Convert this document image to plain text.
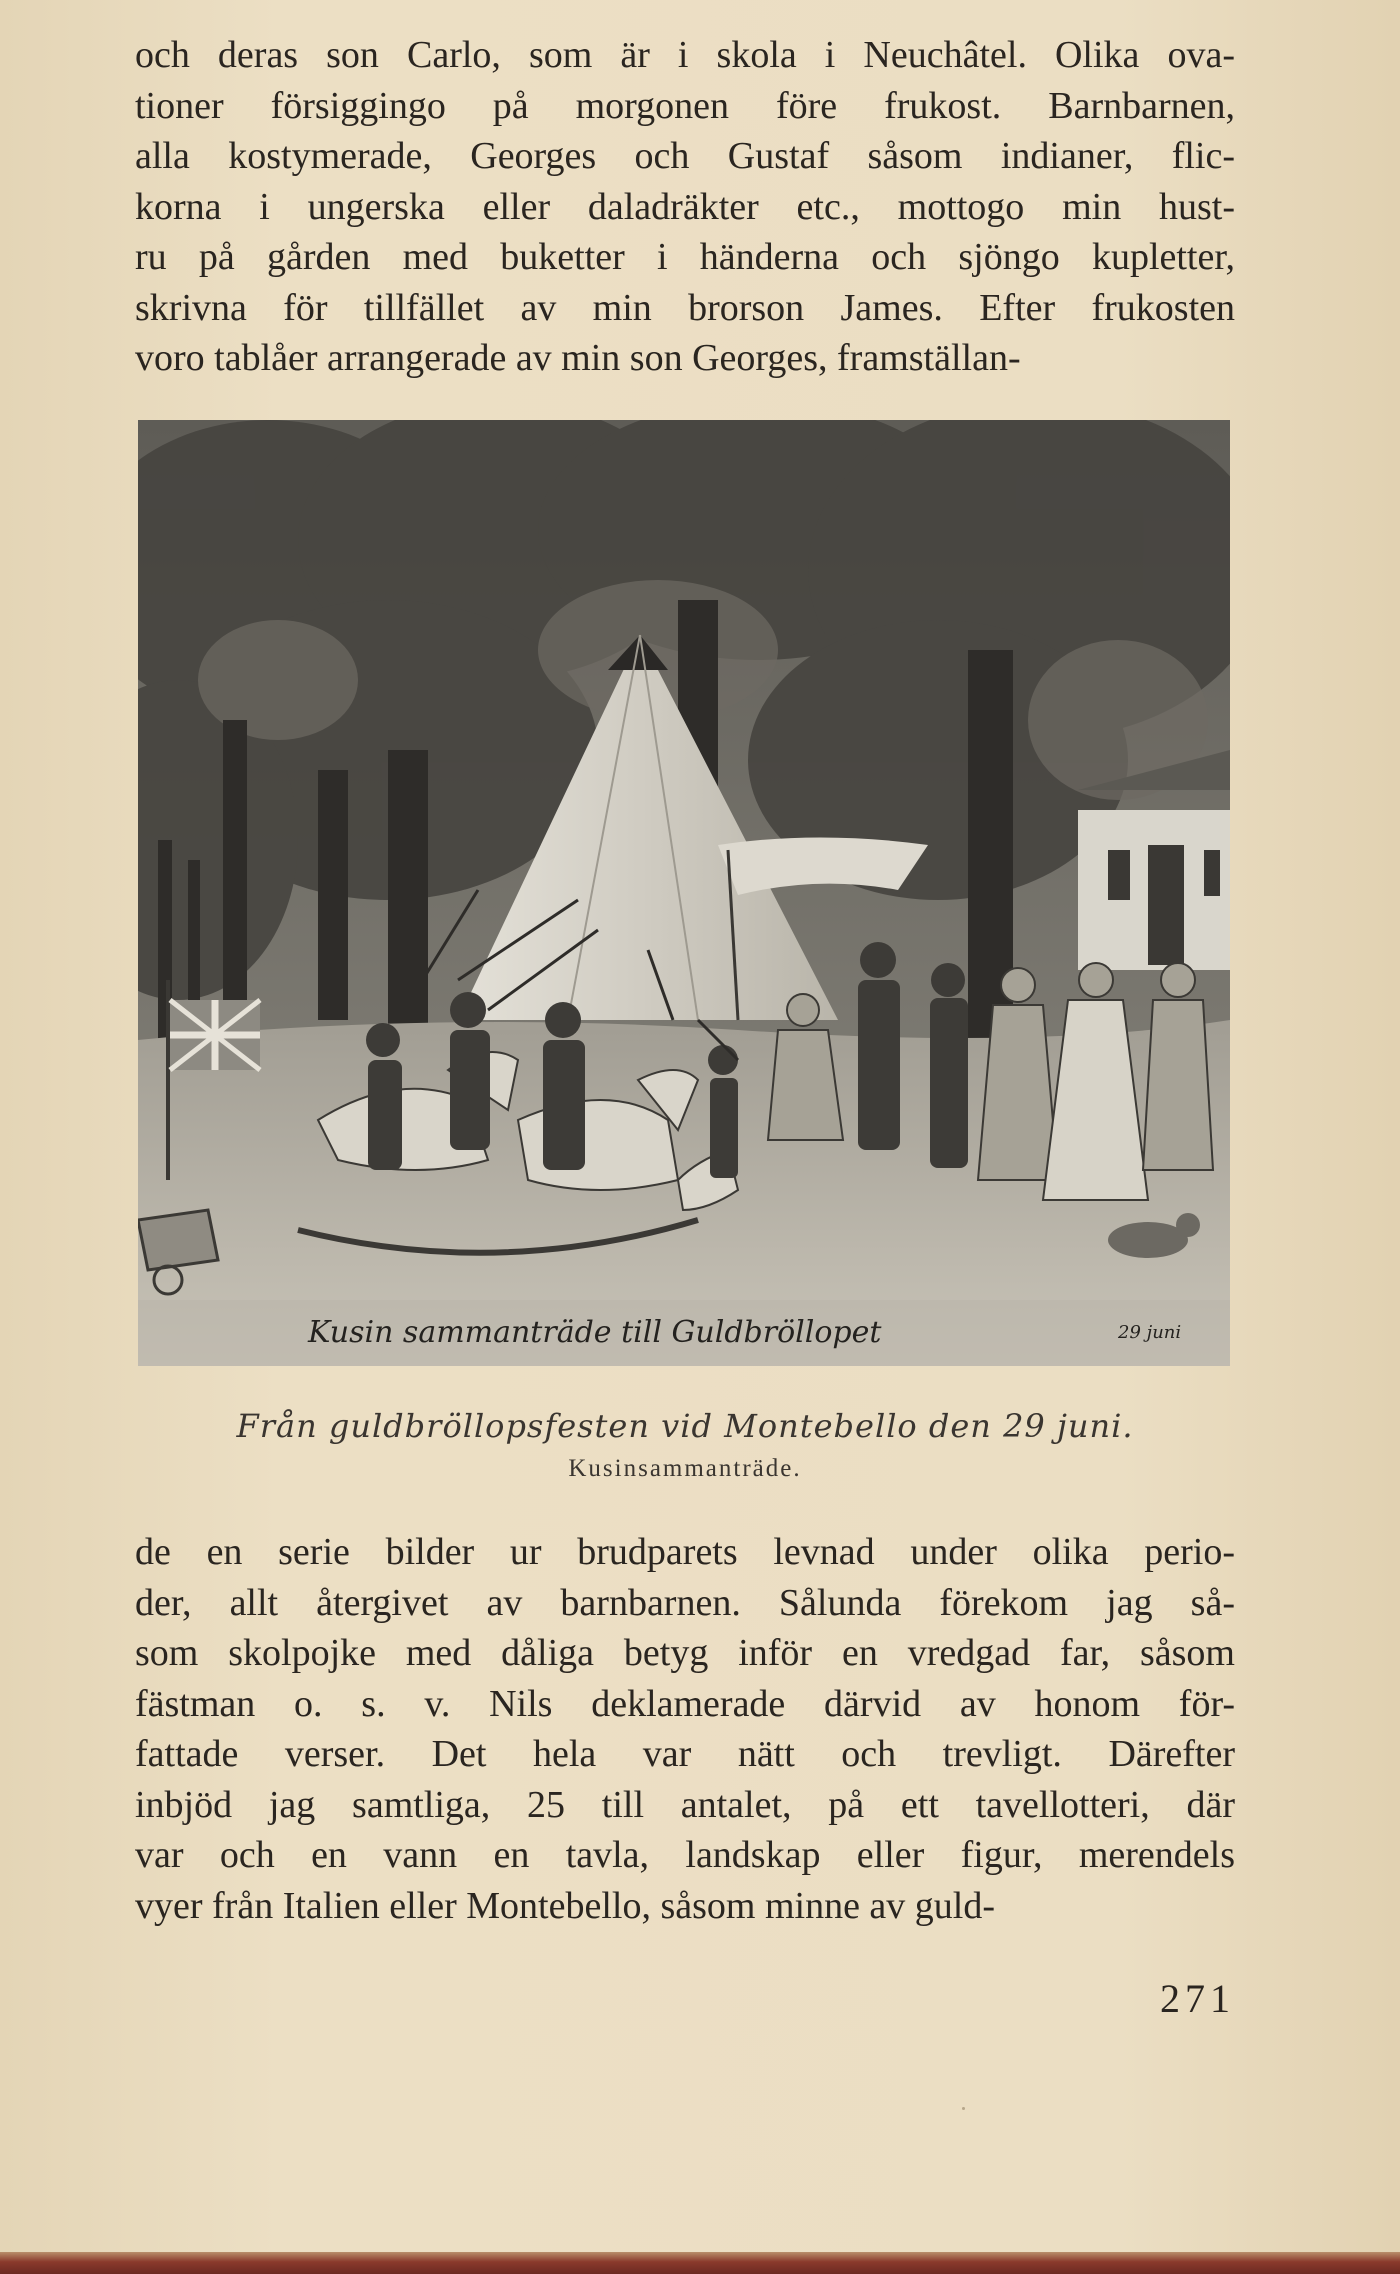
och deras son Carlo, som är i skola i Neuchâtel. Olika ova-
tioner försiggingo på morgonen före frukost. Barnbarnen,
alla kostymerade, Georges och Gustaf såsom indianer, flic-
korna i ungerska eller daladräkter etc., mottogo min hust-
ru på gården med buketter i händerna och sjöngo kupletter,
skrivna för tillfället av min brorson James. Efter frukosten
voro tablåer arrangerade av min son Georges, framställan-
Kusin sammanträde till Guldbröllopet	29 juni
Från guldbröllopsfesten vid Montebello den 29 juni.
Kusinsammanträde.
de en serie bilder ur brudparets levnad under olika perio-
der, allt återgivet av barnbarnen. Sålunda förekom jag så-
som skolpojke med dåliga betyg inför en vredgad far, såsom
fästman o. s. v. Nils deklamerade därvid av honom för-
fattade verser. Det hela var nätt och trevligt. Därefter
inbjöd jag samtliga, 25 till antalet, på ett tavellotteri, där
var och en vann en tavla, landskap eller figur, merendels
vyer från Italien eller Montebello, såsom minne av guld-
271
